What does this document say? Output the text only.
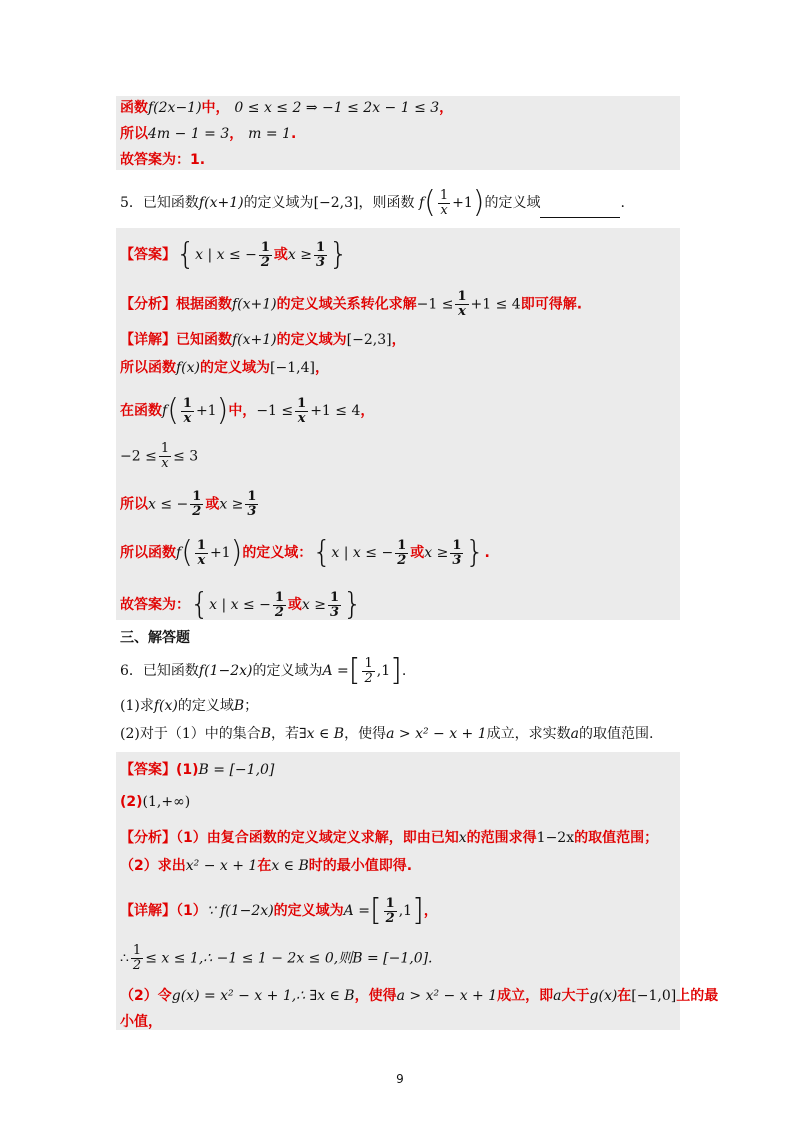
函数f(2x−1)中， 0 ≤ x ≤ 2 ⇒ −1 ≤ 2x − 1 ≤ 3，
所以4m − 1 = 3， m = 1.
故答案为：1.
5．已知函数f(x+1)的定义域为[−2,3]，则函数 $f( \frac{1}{x} +1)$的定义域	.
【答案】{x | x ≤ − $\frac{1}{2}$ 或$x \ge \frac{1}{3}$ }
【分析】根据函数f(x+1)的定义域关系转化求解$-1 \le \frac{1}{x} +1 \le 4$即可得解.
【详解】已知函数f(x+1)的定义域为[−2,3]，
所以函数f(x)的定义域为[−1,4]，
在函数$f( \frac{1}{x} +1)$中，$-1 \le \frac{1}{x} +1 \le 4$，
$-2 \le \frac{1}{x} \le 3$
所以x ≤ − $\frac{1}{2}$ 或$x \ge \frac{1}{3}$
所以函数$f( \frac{1}{x} +1)$的定义域：{x | x ≤ − $\frac{1}{2}$ 或$x \ge \frac{1}{3}$ }.
故答案为：{x | x ≤ − $\frac{1}{2}$ 或$x \ge \frac{1}{3}$ }
三、解答题
6．已知函数f(1−2x)的定义域为A =[ $\frac{1}{2} ,1$].
(1)求f(x)的定义域B；
(2)对于（1）中的集合B，若∃x ∈ B，使得a > x² − x + 1成立，求实数a的取值范围.
【答案】(1)B = [−1,0]
(2)(1,+∞)
【分析】（1）由复合函数的定义域定义求解，即由已知x的范围求得1−2x的取值范围；
（2）求出x² − x + 1在x ∈ B时的最小值即得.
【详解】（1）∵ f(1−2x)的定义域为A =[ $\frac{1}{2} ,1$]，
∴ $\frac{1}{2} \le x$ ≤ 1,∴ −1 ≤ 1 − 2x ≤ 0,则B = [−1,0].
（2）令g(x) = x² − x + 1,∴ ∃x ∈ B，使得a > x² − x + 1成立，即a大于g(x)在[−1,0]上的最
小值，
9
